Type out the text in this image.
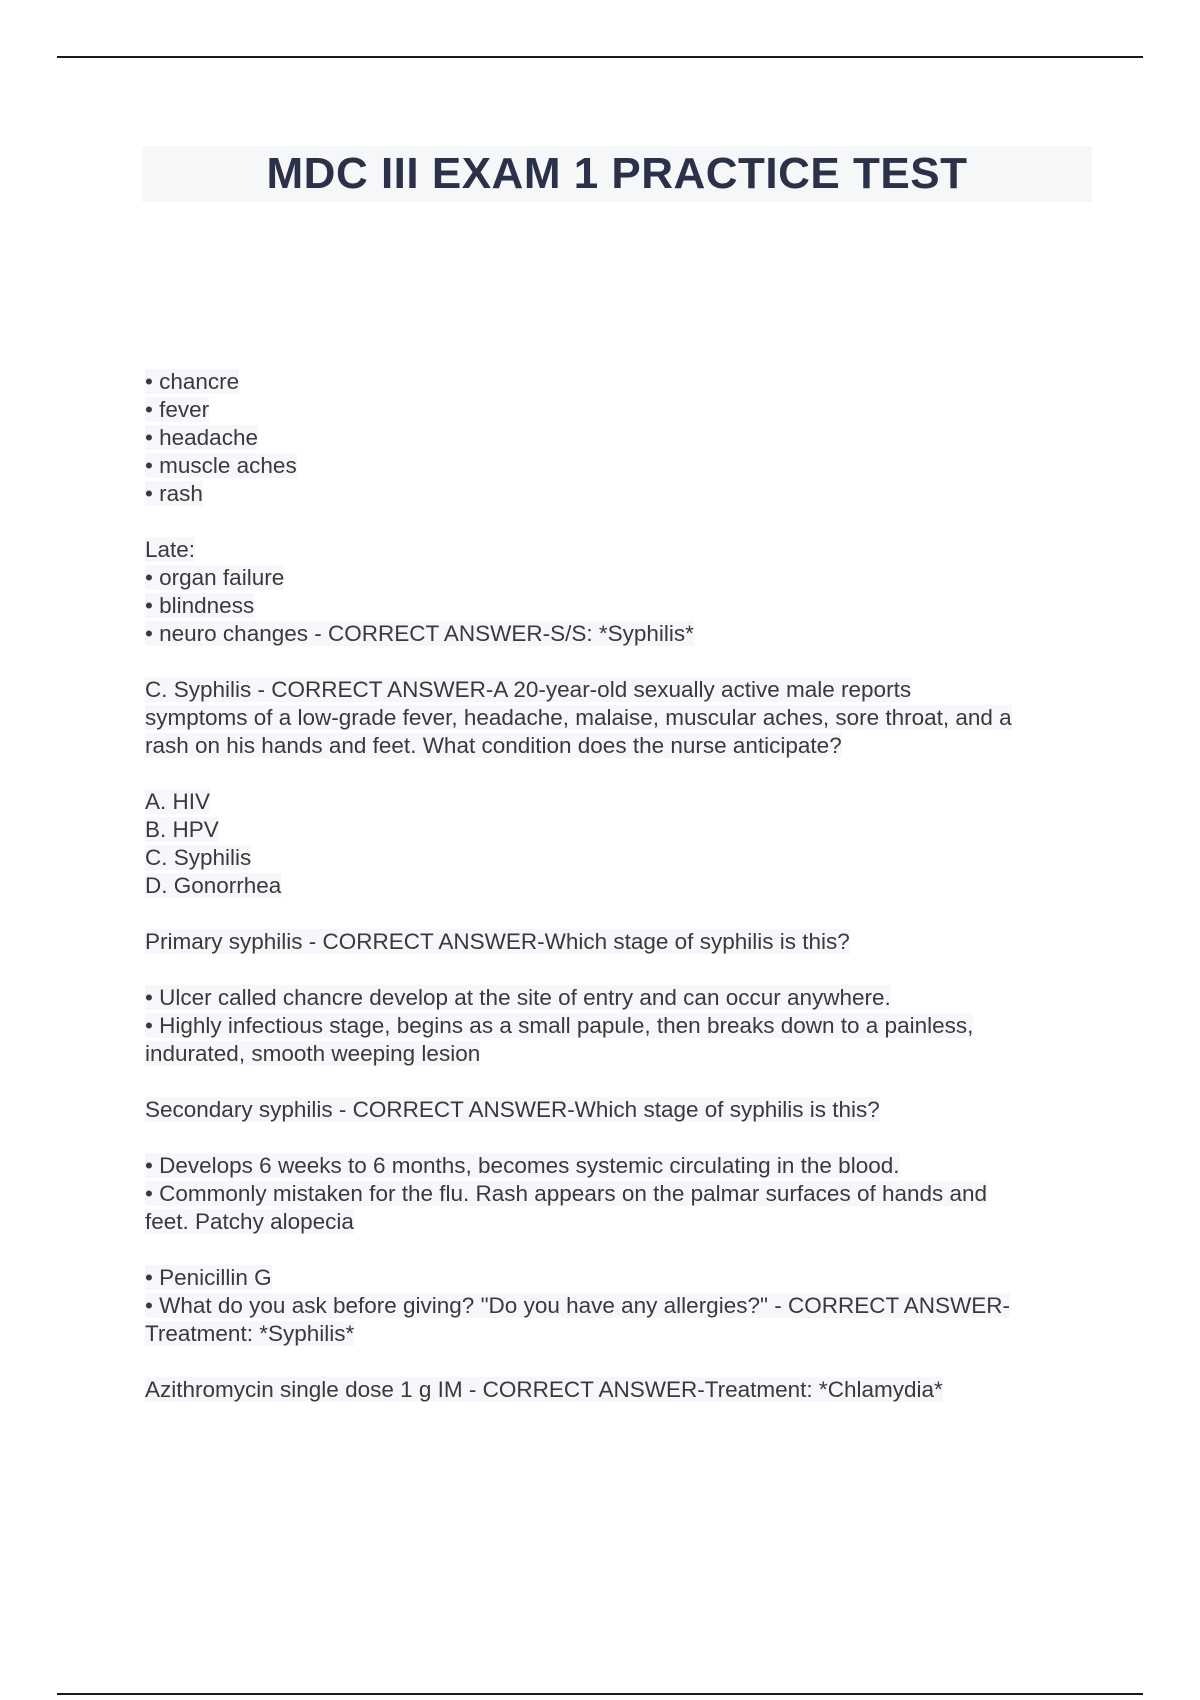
MDC III EXAM 1 PRACTICE TEST
• chancre
• fever
• headache
• muscle aches
• rash
Late:
• organ failure
• blindness
• neuro changes - CORRECT ANSWER-S/S: *Syphilis*
C. Syphilis - CORRECT ANSWER-A 20-year-old sexually active male reports
symptoms of a low-grade fever, headache, malaise, muscular aches, sore throat, and a
rash on his hands and feet. What condition does the nurse anticipate?
A. HIV
B. HPV
C. Syphilis
D. Gonorrhea
Primary syphilis - CORRECT ANSWER-Which stage of syphilis is this?
• Ulcer called chancre develop at the site of entry and can occur anywhere.
• Highly infectious stage, begins as a small papule, then breaks down to a painless,
indurated, smooth weeping lesion
Secondary syphilis - CORRECT ANSWER-Which stage of syphilis is this?
• Develops 6 weeks to 6 months, becomes systemic circulating in the blood.
• Commonly mistaken for the flu. Rash appears on the palmar surfaces of hands and
feet. Patchy alopecia
• Penicillin G
• What do you ask before giving? "Do you have any allergies?" - CORRECT ANSWER-
Treatment: *Syphilis*
Azithromycin single dose 1 g IM - CORRECT ANSWER-Treatment: *Chlamydia*
